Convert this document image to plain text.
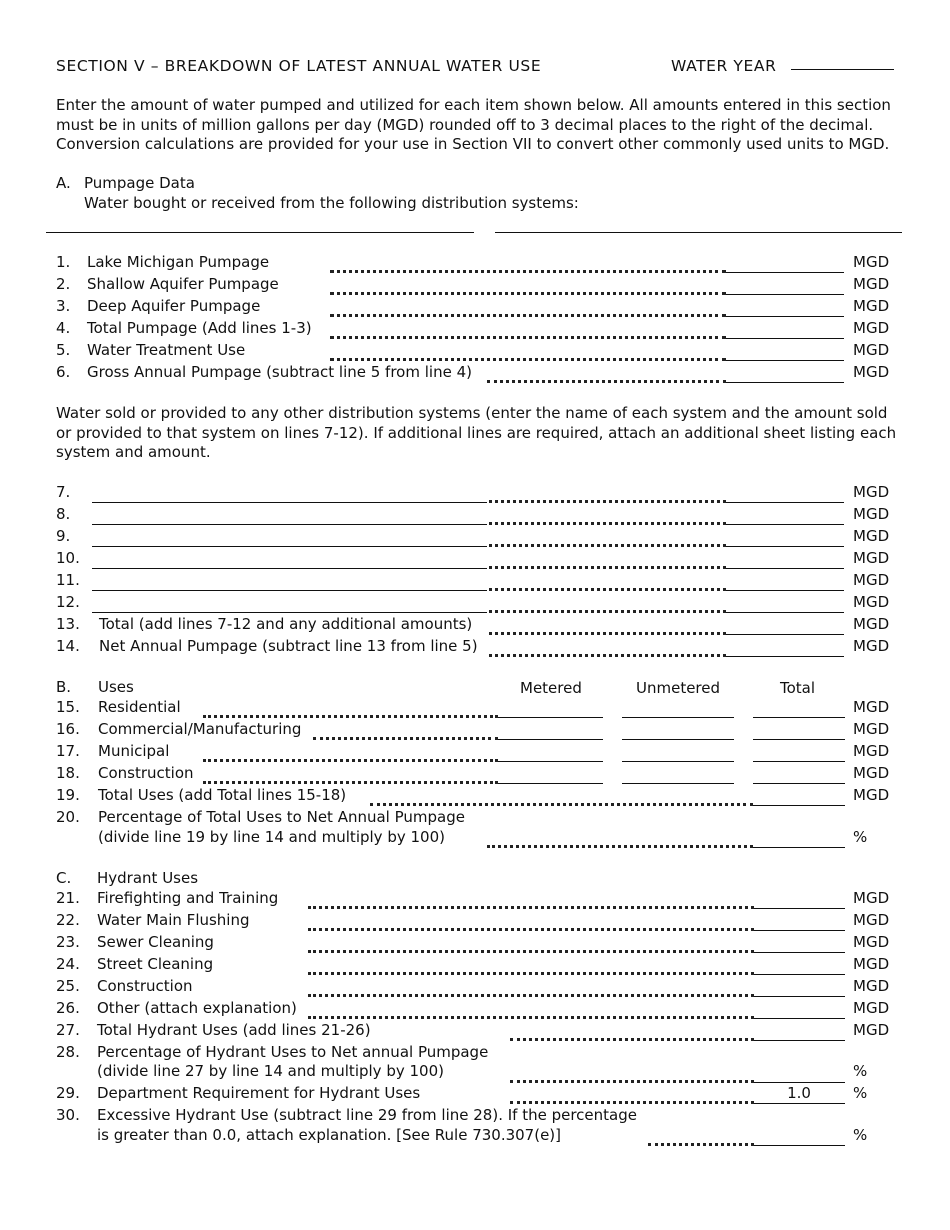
SECTION V – BREAKDOWN OF LATEST ANNUAL WATER USE	WATER YEAR
Enter the amount of water pumped and utilized for each item shown below. All amounts entered in this section
must be in units of million gallons per day (MGD) rounded off to 3 decimal places to the right of the decimal.
Conversion calculations are provided for your use in Section VII to convert other commonly used units to MGD.
A. Pumpage Data
Water bought or received from the following distribution systems:
1. Lake Michigan Pumpage	MGD
2. Shallow Aquifer Pumpage	MGD
3. Deep Aquifer Pumpage	MGD
4. Total Pumpage (Add lines 1-3)	MGD
5. Water Treatment Use	MGD
6. Gross Annual Pumpage (subtract line 5 from line 4)	MGD
Water sold or provided to any other distribution systems (enter the name of each system and the amount sold
or provided to that system on lines 7-12). If additional lines are required, attach an additional sheet listing each
system and amount.
7.	MGD
8.	MGD
9.	MGD
10.	MGD
11.	MGD
12.	MGD
13. Total (add lines 7-12 and any additional amounts)	MGD
14. Net Annual Pumpage (subtract line 13 from line 5)	MGD
B. Uses	Metered	Unmetered	Total
15. Residential	MGD
16. Commercial/Manufacturing	MGD
17. Municipal	MGD
18. Construction	MGD
19. Total Uses (add Total lines 15-18)	MGD
20. Percentage of Total Uses to Net Annual Pumpage
(divide line 19 by line 14 and multiply by 100)	%
C. Hydrant Uses
21. Firefighting and Training	MGD
22. Water Main Flushing	MGD
23. Sewer Cleaning	MGD
24. Street Cleaning	MGD
25. Construction	MGD
26. Other (attach explanation)	MGD
27. Total Hydrant Uses (add lines 21-26)	MGD
28. Percentage of Hydrant Uses to Net annual Pumpage
(divide line 27 by line 14 and multiply by 100)	%
29. Department Requirement for Hydrant Uses	1.0	%
30. Excessive Hydrant Use (subtract line 29 from line 28). If the percentage
is greater than 0.0, attach explanation. [See Rule 730.307(e)]	%
